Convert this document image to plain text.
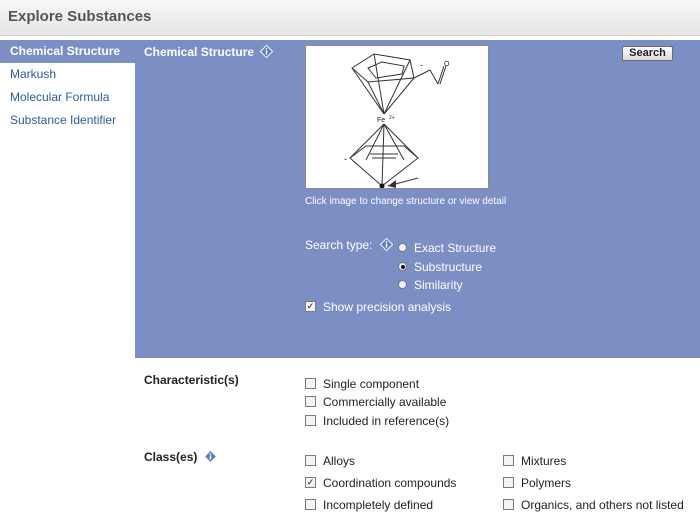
Explore Substances
Chemical Structure
Markush
Molecular Formula
Substance Identifier
Chemical Structure
Fe 2+
-	O
-
Click image to change structure or view detail
Search
Search type:	Exact Structure
Substructure
Similarity
✓Show precision analysis
Characteristic(s)	Single component
Commercially available
Included in reference(s)
Class(es)	Alloys
✓Coordination compounds
Incompletely defined
Mixtures
Polymers
Organics, and others not listed
